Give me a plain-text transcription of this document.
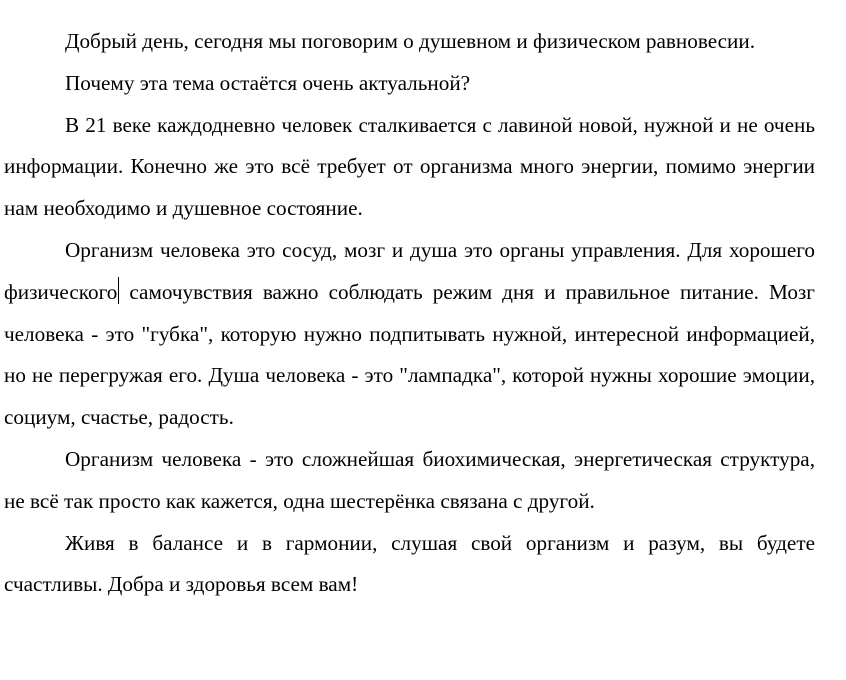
Добрый день, сегодня мы поговорим о душевном и физическом равновесии.

Почему эта тема остаётся очень актуальной?

В 21 веке каждодневно человек сталкивается с лавиной новой, нужной и не очень информации. Конечно же это всё требует от организма много энергии, помимо энергии нам необходимо и душевное состояние.

Организм человека это сосуд, мозг и душа это органы управления. Для хорошего физического самочувствия важно соблюдать режим дня и правильное питание. Мозг человека - это "губка", которую нужно подпитывать нужной, интересной информацией, но не перегружая его. Душа человека - это "лампадка", которой нужны хорошие эмоции, социум, счастье, радость.

Организм человека - это сложнейшая биохимическая, энергетическая структура, не всё так просто как кажется, одна шестерёнка связана с другой.

Живя в балансе и в гармонии, слушая свой организм и разум, вы будете счастливы. Добра и здоровья всем вам!
